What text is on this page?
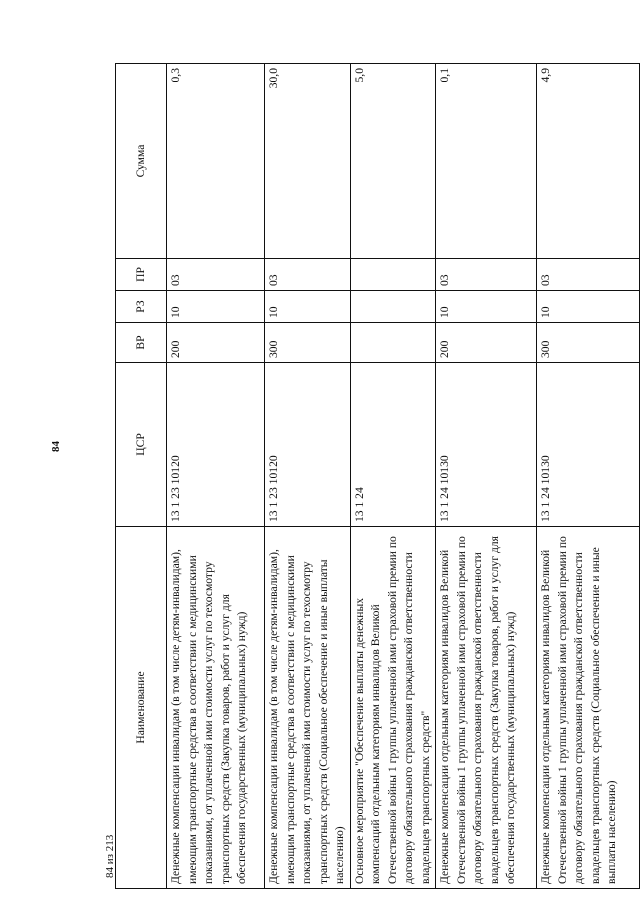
84
Наименование	ЦСР	ВР	РЗ	ПР	Сумма
Денежные компенсации инвалидам (в том числе детям-инвалидам), имеющим транспортные средства в соответствии с медицинскими показаниями, от уплаченной ими стоимости услуг по техосмотру транспортных средств (Закупка товаров, работ и услуг для обеспечения государственных (муниципальных) нужд)	13 1 23 10120	200	10	03	0,3
Денежные компенсации инвалидам (в том числе детям-инвалидам), имеющим транспортные средства в соответствии с медицинскими показаниями, от уплаченной ими стоимости услуг по техосмотру транспортных средств (Социальное обеспечение и иные выплаты населению)	13 1 23 10120	300	10	03	30,0
Основное мероприятие "Обеспечение выплаты денежных компенсаций отдельным категориям инвалидов Великой Отечественной войны 1 группы уплаченной ими страховой премии по договору обязательного страхования гражданской ответственности владельцев транспортных средств"	13 1 24				5,0
Денежные компенсации отдельным категориям инвалидов Великой Отечественной войны 1 группы уплаченной ими страховой премии по договору обязательного страхования гражданской ответственности владельцев транспортных средств (Закупка товаров, работ и услуг для обеспечения государственных (муниципальных) нужд)	13 1 24 10130	200	10	03	0,1
Денежные компенсации отдельным категориям инвалидов Великой Отечественной войны 1 группы уплаченной ими страховой премии по договору обязательного страхования гражданской ответственности владельцев транспортных средств (Социальное обеспечение и иные выплаты населению)	13 1 24 10130	300	10	03	4,9
84 из 213
